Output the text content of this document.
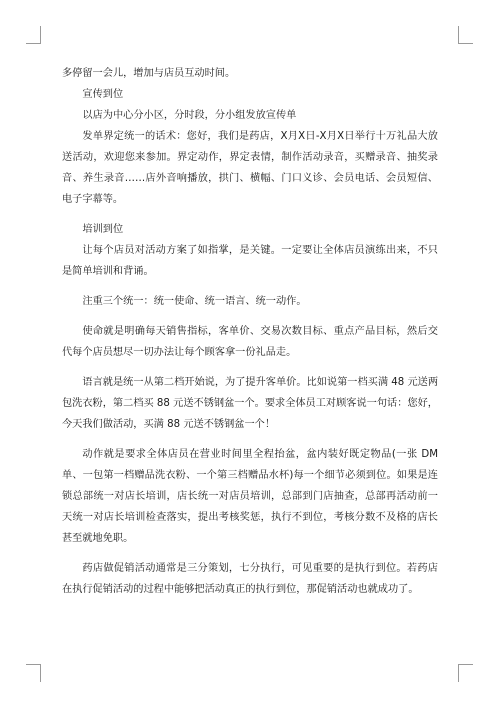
多停留一会儿，增加与店员互动时间。

宣传到位

以店为中心分小区，分时段，分小组发放宣传单

发单界定统一的话术：您好，我们是药店，X月X日-X月X日举行十万礼品大放送活动，欢迎您来参加。界定动作，界定表情，制作活动录音，买赠录音、抽奖录音、养生录音……店外音响播放，拱门、横幅、门口义诊、会员电话、会员短信、电子字幕等。

培训到位

让每个店员对活动方案了如指掌，是关键。一定要让全体店员演练出来，不只是简单培训和背诵。

注重三个统一：统一使命、统一语言、统一动作。

使命就是明确每天销售指标，客单价、交易次数目标、重点产品目标，然后交代每个店员想尽一切办法让每个顾客拿一份礼品走。

语言就是统一从第二档开始说，为了提升客单价。比如说第一档买满 48 元送两包洗衣粉，第二档买 88 元送不锈钢盆一个。要求全体员工对顾客说一句话：您好，今天我们做活动，买满 88 元送不锈钢盆一个！

动作就是要求全体店员在营业时间里全程抬盆，盆内装好既定物品(一张 DM 单、一包第一档赠品洗衣粉、一个第三档赠品水杯)每一个细节必须到位。如果是连锁总部统一对店长培训，店长统一对店员培训，总部到门店抽查，总部再活动前一天统一对店长培训检查落实，提出考核奖惩，执行不到位，考核分数不及格的店长甚至就地免职。

药店做促销活动通常是三分策划，七分执行，可见重要的是执行到位。若药店在执行促销活动的过程中能够把活动真正的执行到位，那促销活动也就成功了。
